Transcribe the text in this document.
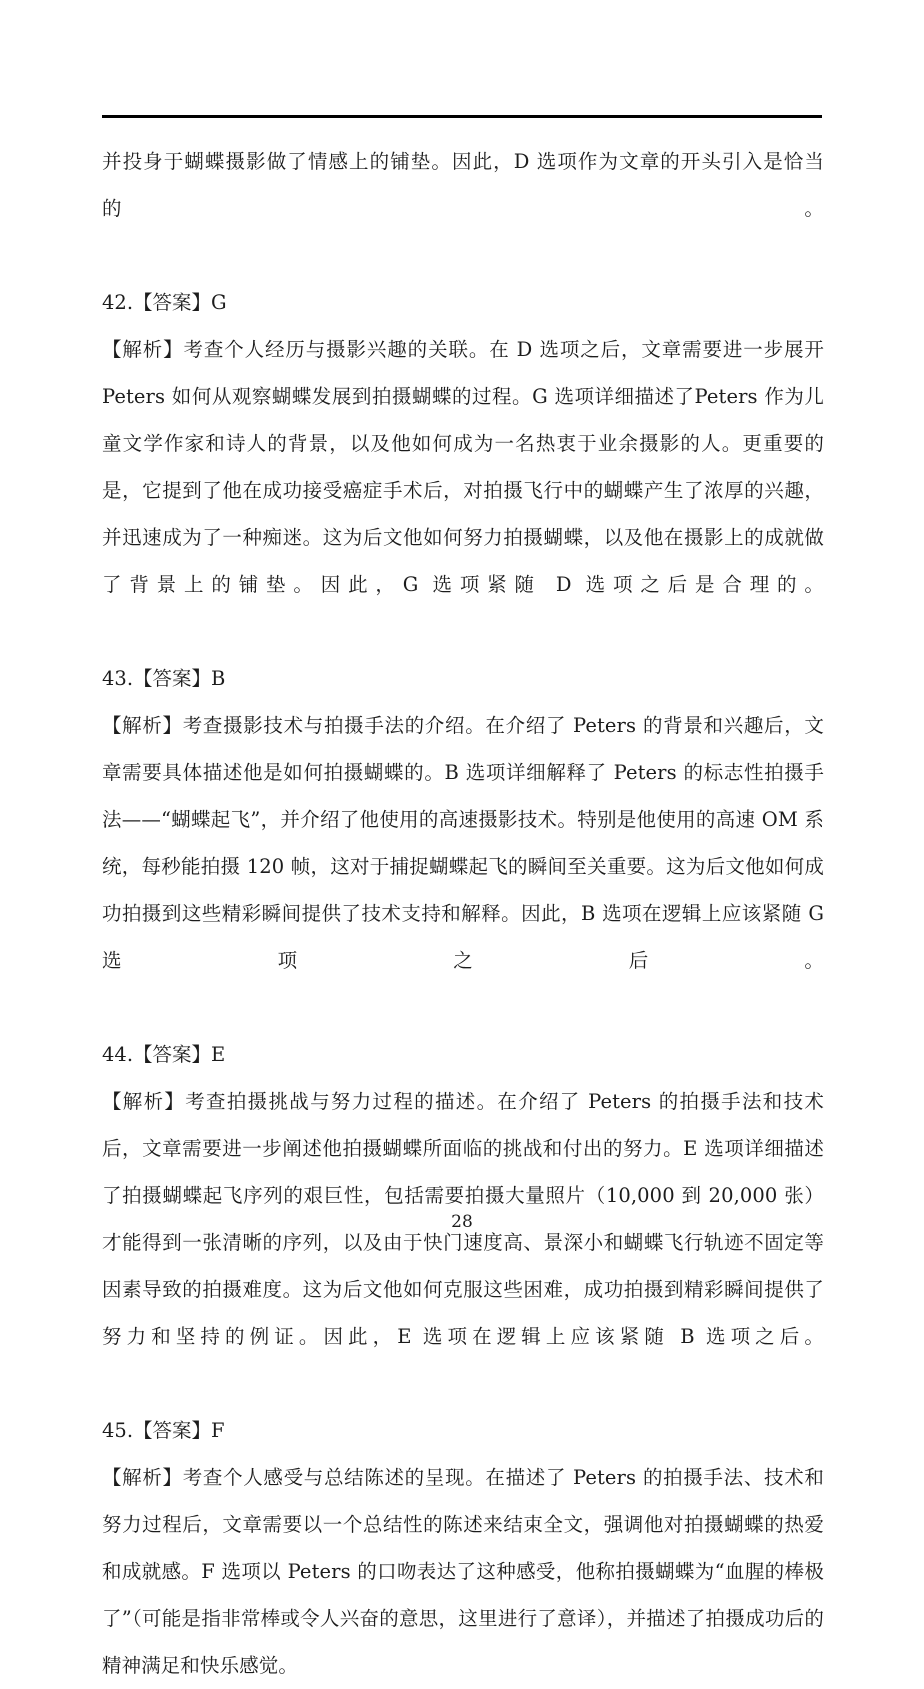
并投身于蝴蝶摄影做了情感上的铺垫。因此，D 选项作为文章的开头引入是恰当的。

42.【答案】G

【解析】考查个人经历与摄影兴趣的关联。在 D 选项之后，文章需要进一步展开 Peters 如何从观察蝴蝶发展到拍摄蝴蝶的过程。G 选项详细描述了Peters 作为儿童文学作家和诗人的背景，以及他如何成为一名热衷于业余摄影的人。更重要的是，它提到了他在成功接受癌症手术后，对拍摄飞行中的蝴蝶产生了浓厚的兴趣，并迅速成为了一种痴迷。这为后文他如何努力拍摄蝴蝶，以及他在摄影上的成就做了背景上的铺垫。因此，G 选项紧随 D 选项之后是合理的。

43.【答案】B

【解析】考查摄影技术与拍摄手法的介绍。在介绍了 Peters 的背景和兴趣后，文章需要具体描述他是如何拍摄蝴蝶的。B 选项详细解释了 Peters 的标志性拍摄手法——“蝴蝶起飞”，并介绍了他使用的高速摄影技术。特别是他使用的高速 OM 系统，每秒能拍摄 120 帧，这对于捕捉蝴蝶起飞的瞬间至关重要。这为后文他如何成功拍摄到这些精彩瞬间提供了技术支持和解释。因此，B 选项在逻辑上应该紧随 G 选项之后。

44.【答案】E

【解析】考查拍摄挑战与努力过程的描述。在介绍了 Peters 的拍摄手法和技术后，文章需要进一步阐述他拍摄蝴蝶所面临的挑战和付出的努力。E 选项详细描述了拍摄蝴蝶起飞序列的艰巨性，包括需要拍摄大量照片（10,000 到 20,000 张）才能得到一张清晰的序列，以及由于快门速度高、景深小和蝴蝶飞行轨迹不固定等因素导致的拍摄难度。这为后文他如何克服这些困难，成功拍摄到精彩瞬间提供了努力和坚持的例证。因此，E 选项在逻辑上应该紧随 B 选项之后。

45.【答案】F

【解析】考查个人感受与总结陈述的呈现。在描述了 Peters 的拍摄手法、技术和努力过程后，文章需要以一个总结性的陈述来结束全文，强调他对拍摄蝴蝶的热爱和成就感。F 选项以 Peters 的口吻表达了这种感受，他称拍摄蝴蝶为“血腥的棒极了”（可能是指非常棒或令人兴奋的意思，这里进行了意译），并描述了拍摄成功后的精神满足和快乐感觉。

28
